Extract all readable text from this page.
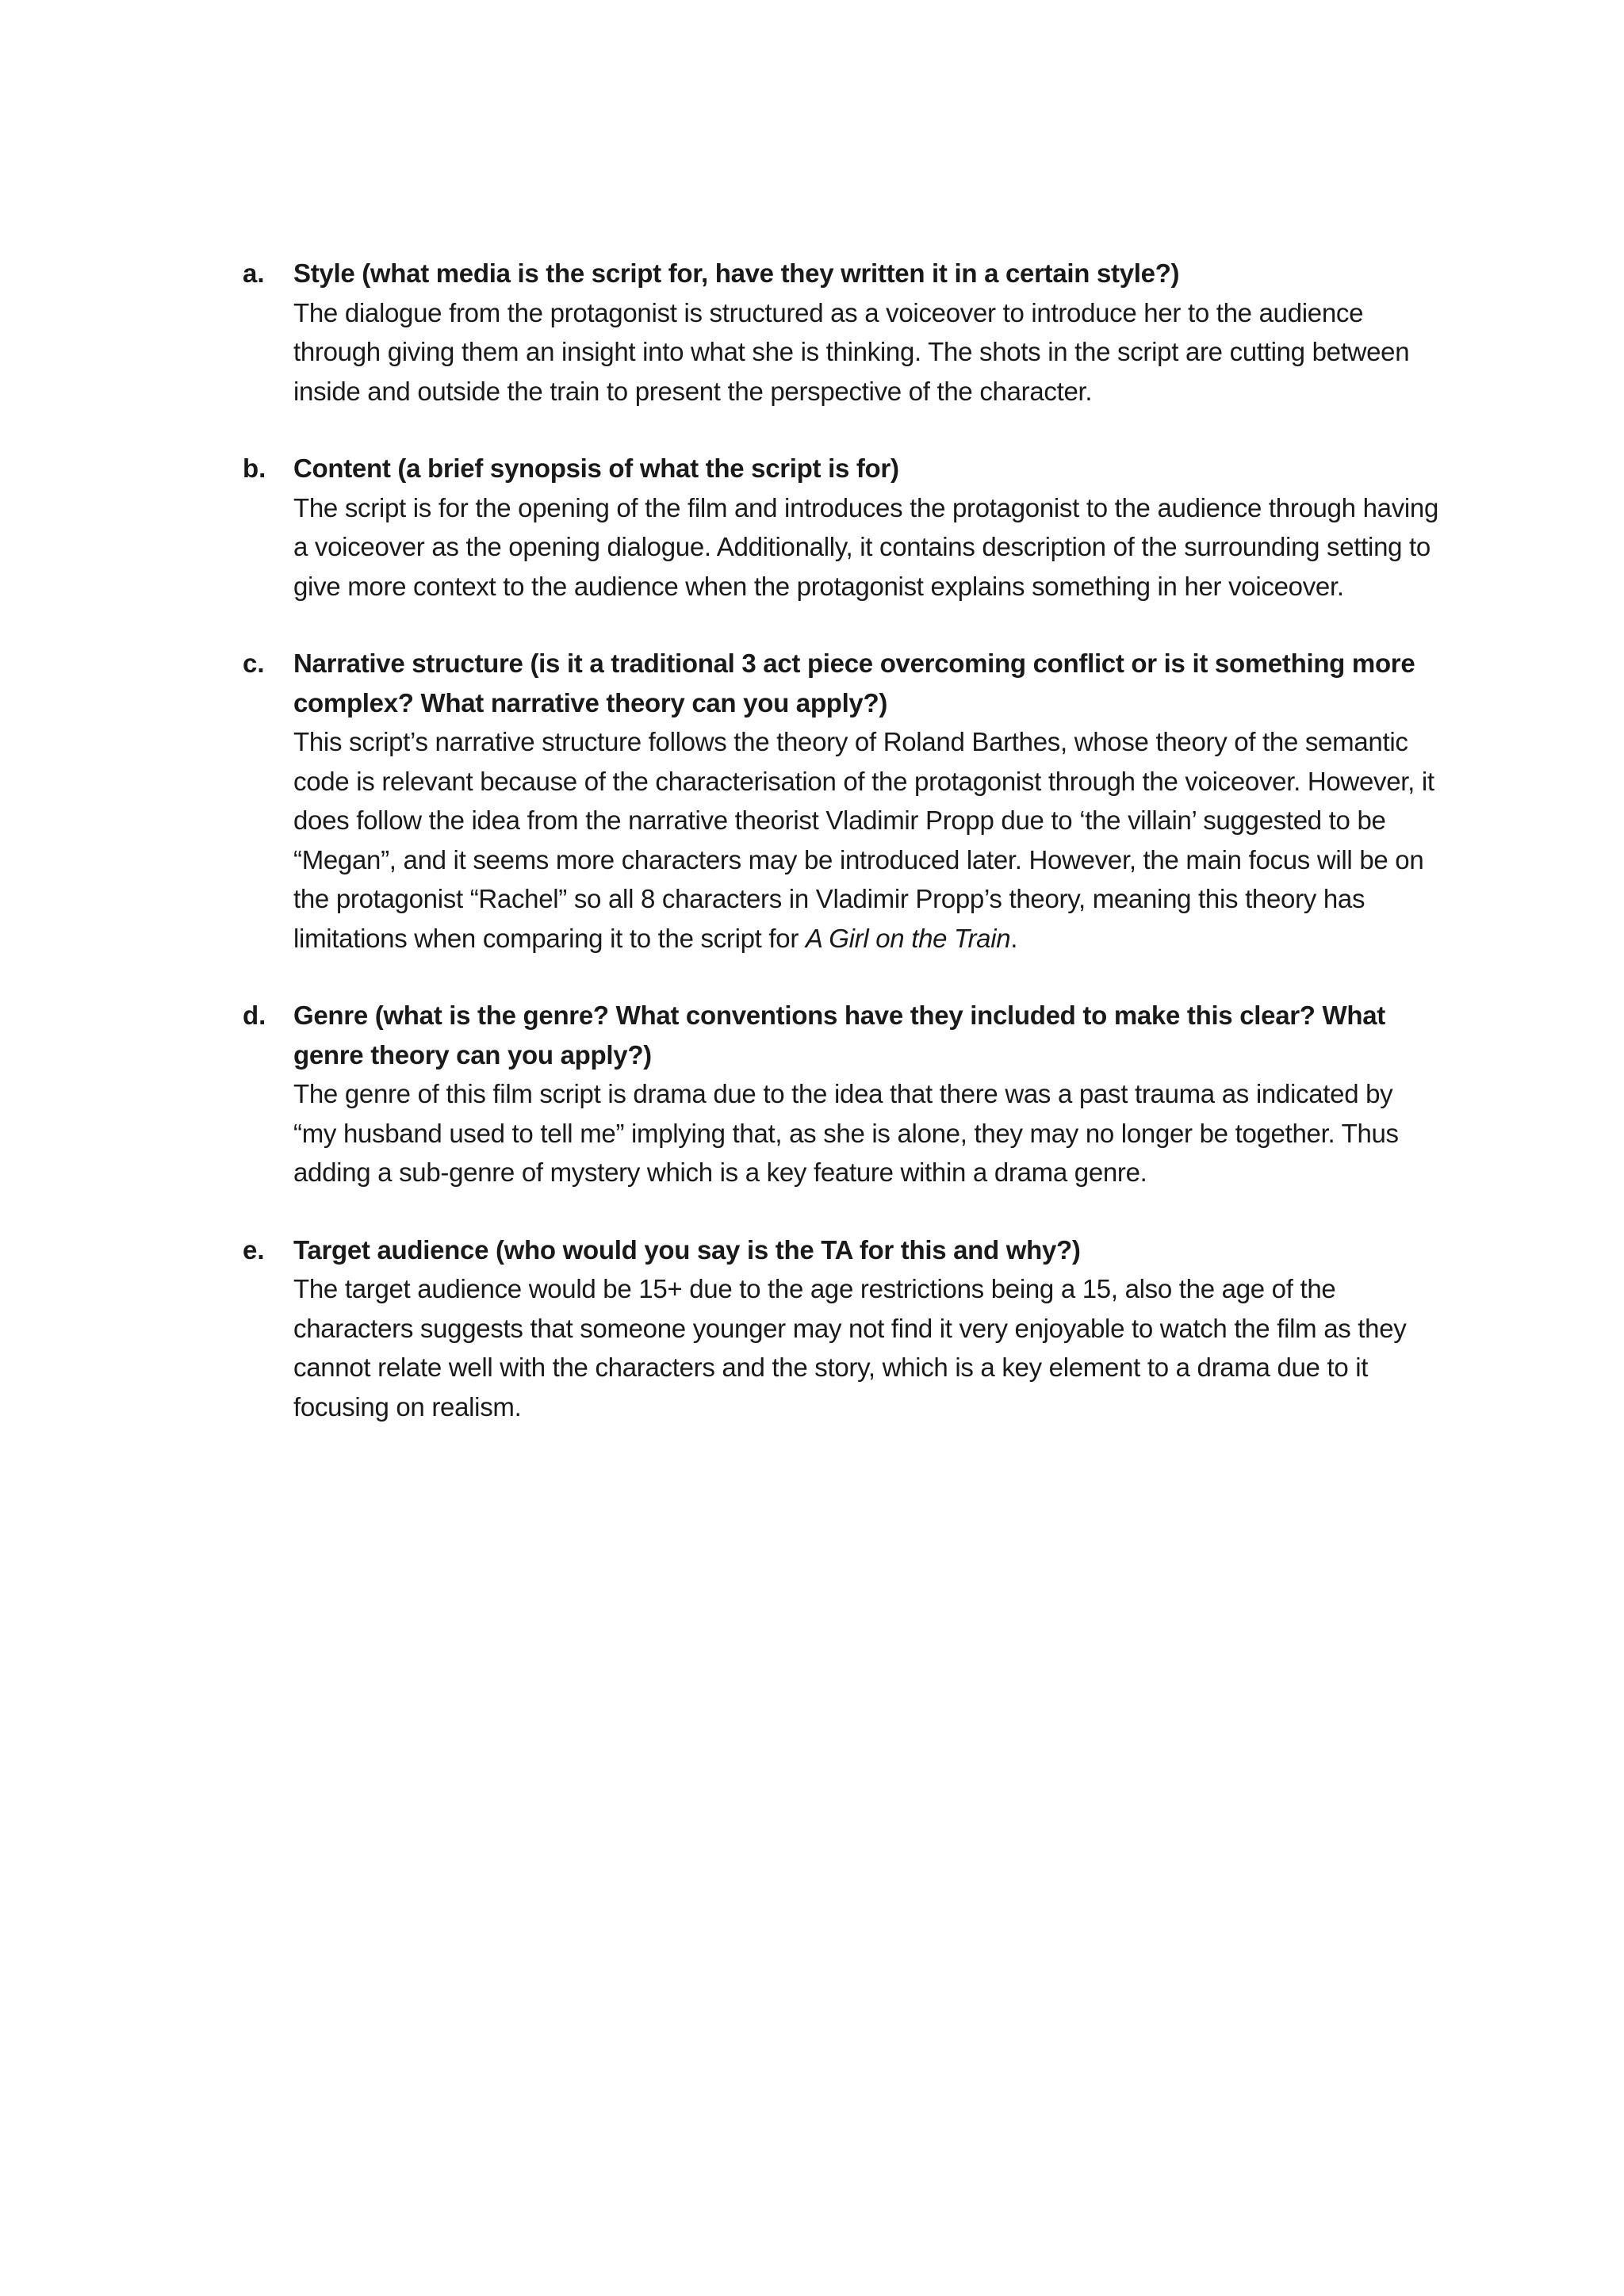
a. Style (what media is the script for, have they written it in a certain style?)

The dialogue from the protagonist is structured as a voiceover to introduce her to the audience through giving them an insight into what she is thinking. The shots in the script are cutting between inside and outside the train to present the perspective of the character.

b. Content (a brief synopsis of what the script is for)

The script is for the opening of the film and introduces the protagonist to the audience through having a voiceover as the opening dialogue. Additionally, it contains description of the surrounding setting to give more context to the audience when the protagonist explains something in her voiceover.

c. Narrative structure (is it a traditional 3 act piece overcoming conflict or is it something more complex? What narrative theory can you apply?)

This script’s narrative structure follows the theory of Roland Barthes, whose theory of the semantic code is relevant because of the characterisation of the protagonist through the voiceover. However, it does follow the idea from the narrative theorist Vladimir Propp due to ‘the villain’ suggested to be “Megan”, and it seems more characters may be introduced later. However, the main focus will be on the protagonist “Rachel” so all 8 characters in Vladimir Propp’s theory, meaning this theory has limitations when comparing it to the script for A Girl on the Train.

d. Genre (what is the genre? What conventions have they included to make this clear? What genre theory can you apply?)

The genre of this film script is drama due to the idea that there was a past trauma as indicated by “my husband used to tell me” implying that, as she is alone, they may no longer be together. Thus adding a sub-genre of mystery which is a key feature within a drama genre.

e. Target audience (who would you say is the TA for this and why?)

The target audience would be 15+ due to the age restrictions being a 15, also the age of the characters suggests that someone younger may not find it very enjoyable to watch the film as they cannot relate well with the characters and the story, which is a key element to a drama due to it focusing on realism.
